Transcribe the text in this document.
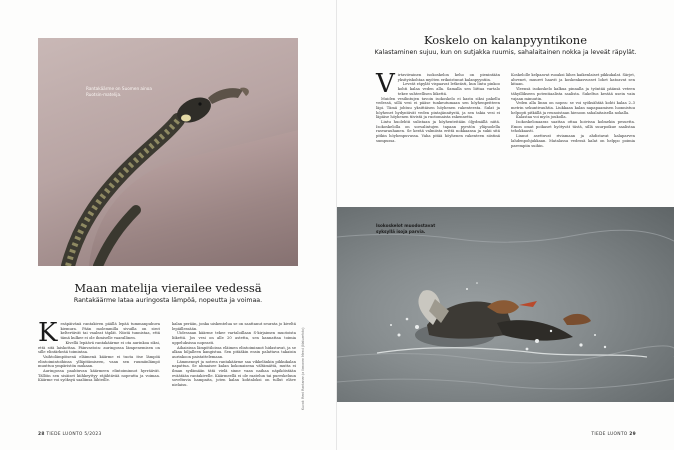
Rantakäärme on Suomen ainoa Ruotsin-matelija.
Maan matelija vierailee vedessä
Rantakäärme lataa auringosta lämpöä, nopeutta ja voimaa.
K esäpäivänä rantakiven päällä lepää tummanpuhuva kiemura. Pään molemmilla sivuilla on sirot keltertävät tai vaaleat täplät. Niistä tunnistaa, että tämä kulkee ei ole ihmiselle vaarallinen.

Kivellä lepäävä rantakäärme ei ota aurinkoa siksi, että sitä laiskottaa. Päinvastoin: auringossa lämpenemisen on sille elintärkeää toimintaa.

Vaihtolämpöisenä eläimenä käärme ei tuota itse lämpöä elintoimintoihinsa ylläpitämiseen, vaan sen ruumiinlämpö muuttuu ympäristön mukaan.

Auringossa paahtuvan käärmeen elintoiminnot hyrräävät. Tällöin sen sisäiset kiihkeyttyy räjähtävää nopeutta ja voimaa. Käärme voi syöksyä saaliinsa lähteille.

kalan perään, jonka uiskentelua se on saattanut seurata jo kiveltä lepäillessään.

Uidessaan käärme tekee vartaloillaan S-kirjaimen muotoista liikettä. Jos vesi on alle 20 astetta, sen kannattaa toimia uppeluksissa nopeasti.

Aihaisissa lämpötiloissa eläimen elintoiminnot hidastuvat, ja se alkaa hiljalleen kangistua. Sen pitääkin ensin palattava takaisin aurinkoon paistattelemaan.

Lämmennyt ja notrea rantakäärme saa vikkelänkin pikkukalan napattua. Se ahmaisee kalan kokonaisena vältämättä, mutta ei ilman sydämään tätä vielä sinne vaan naihaa näpiköistään eväätään rantakivelle. Käärmeellä ei ole raatelun tai pureskeluun soveltuvia hampaita, joten kalan kohtaloksi on tullut eläve nielaisu.	Kuvat: Reni Rantanen ja Ilmonen Mervi (Naturefoto)
28 TIEDE LUONTO 5/2023
Koskelo on kalanpyyntikone
Kalastaminen sujuu, kun on sutjakka ruumis, sahalaitainen nokka ja leveät räpylät.
V irtaviivainen isokoskelon keho on pienintään yksityiskohtaa myöten erikoistunut kalanpyyntiin.

Leveät räpylät vispaavat letkeästi, kun lintu pinkoo kohti kalaa veden alla. Samalla sen liittaa vartalo tekee suhteellisen liikettä.

Muiden vesilintujen tavoin isokoskelo ei kastu siksi pakellu vedessä, sillä vesi ei pääse tunkeutumaan sen höyhenpeitteen läpi. Tämä johtuu yksittäisen höyhenen rakenteesta. Sulat ja höyhenet hydyntävät veden pintajännitystä, ja sen takia vesi ei läpäise höyhenen tiivistä ja ruotomaista rakennetta.

Lintu huolehtii sulistaan ja höyhenteitään öljydmällä niitä. Isokoskelolla on sorsalintujen tapaan pyrstön yläpuolella rasvarauhanen. Se kerää valmiista erittä nokkaansa ja sukii sitä pitkin höyhenpuvussa. Vaha pitää höyhenen rakenteen siistinä sumpussa.

Koskelolle kelpaavat ruoaksi lähes kaikenlaiset pikkukalat. Särjet, ahvenet, muuret haavit ja koskenkasvusset lohet katoavat sen kitaan.

Yleensä isokoskelo kalkua pinnalla ja työntää päänsä veteen tähyillikseen potentiaalista saalista. Sukeltus kestää usein vain vajaan minuutin.

Veden alla linnu on nopea: se voi syöksähtää kohti kalaa 2–3 metrin sekuntivauhtia. Liukkaan kalan napapaamisen luonnistuu helpopti pitkällä ja reunoistaan hienoon sahalaitaisella nokalla.

Kalastaa voi myös joukolla.

Isokoskelonaaras saattaa ottaa hoivissa kolmekin pesuetta. Emon omat poikaset hyötyvät tästä, sillä suurpoikue saalistaa tehokkaasti.

Linnut asettuvat riviamaan ja ahdistavat kalaparven lahdenpohjukkaan. Matalassa vedessä kalat on helppo poimia parempiin suihin.

Isokoskelot muodostavat syksyllä isoja parvia.
TIEDE LUONTO 29
